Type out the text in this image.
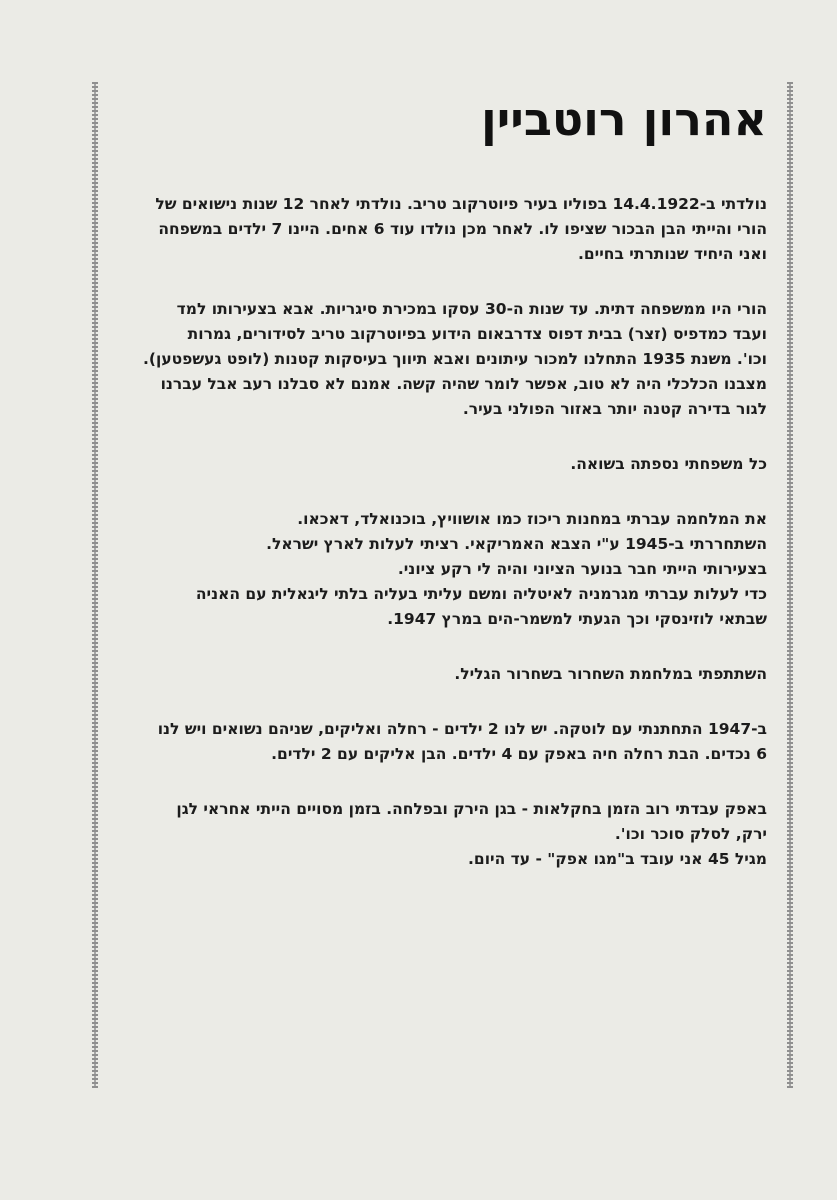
אהרון רוטביין

נולדתי ב-14.4.1922 בפוליו בעיר פיוטרקוב טריב. נולדתי לאחר 12 שנות נישואים של
הורי והייתי הבן הבכור שציפו לו. לאחר מכן נולדו עוד 6 אחים. היינו 7 ילדים במשפחה
ואני היחיד שנותרתי בחיים.

הורי היו ממשפחה דתית. עד שנות ה-30 עסקו במכירת סיגריות. אבא בצעירותו למד
ועבד כמדפיס (זצר) בבית דפוס צדרבאום הידוע בפיוטרקוב טריב לסידורים, גמרות
וכו'. משנת 1935 התחלנו למכור עיתונים ואבא תיווך בעיסקות קטנות (לופט געשפטען).
מצבנו הכלכלי היה לא טוב, אפשר לומר שהיה קשה. אמנם לא סבלנו רעב אבל עברנו
לגור בדירה קטנה יותר באזור הפולני בעיר.

כל משפחתי נספתה בשואה.

את המלחמה עברתי במחנות ריכוז כמו אושוויץ, בוכנואלד, דאכאו.
השתחררתי ב-1945 ע"י הצבא האמריקאי. רציתי לעלות לארץ ישראל.
בצעירותי הייתי חבר בנוער הציוני והיה לי רקע ציוני.
כדי לעלות עברתי מגרמניה לאיטליה ומשם עליתי בעליה בלתי ליגאלית עם האניה
שבתאי לוזינסקי וכך הגעתי למשמר-הים במרץ 1947.

השתתפתי במלחמת השחרור בשחרור הגליל.

ב-1947 התחתנתי עם לוטקה. יש לנו 2 ילדים - רחלה ואליקים, שניהם נשואים ויש לנו
6 נכדים. הבת רחלה חיה באפק עם 4 ילדים. הבן אליקים עם 2 ילדים.

באפק עבדתי רוב הזמן בחקלאות - בגן הירק ובפלחה. בזמן מסויים הייתי אחראי לגן
ירק, לסלק סוכר וכו'.
מגיל 45 אני עובד ב"מגו אפק" - עד היום.
